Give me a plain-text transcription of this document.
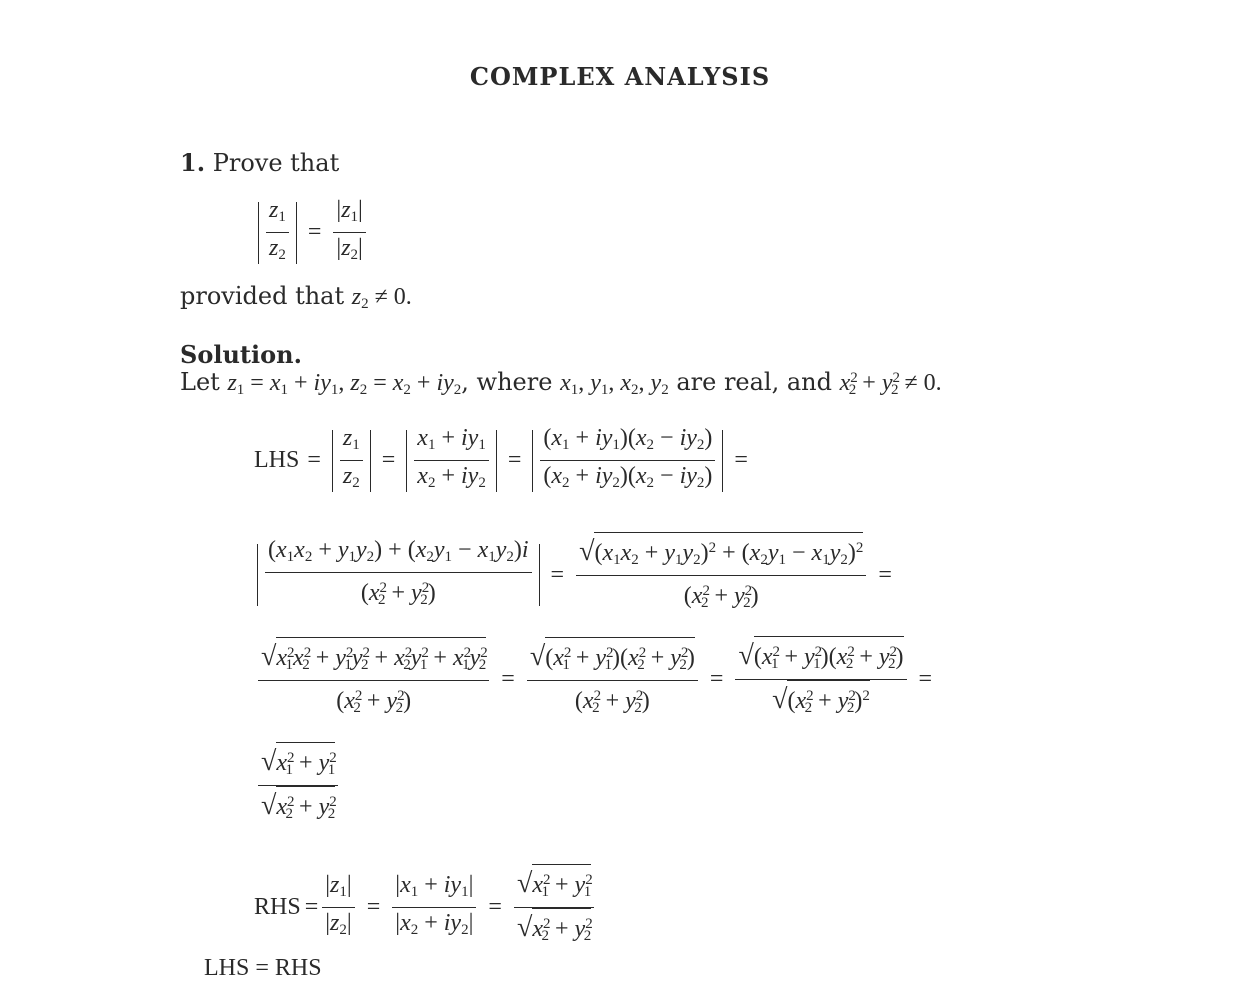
COMPLEX ANALYSIS
1. Prove that
$\frac{z_1}{z_2} = \frac{|z_1|}{|z_2|}$
provided that $z_2 \ne 0$.
Solution.
Let $z_1 = x_1 + iy_1$, $z_2 = x_2 + iy_2$, where $x_1$, $y_1$, $x_2$, $y_2$ are real, and $x^2_2 + y^2_2 \ne 0$.
LHS = $\frac{z_1}{z_2} = \frac{x_1 + iy_1}{x_2 + iy_2} = \frac{(x_1 + iy_1)(x_2 - iy_2)}{(x_2 + iy_2)(x_2 - iy_2)}$ =
$\frac{(x_1x_2 + y_1y_2) + (x_2y_1 - x_1y_2)i}{(x^2_2 + y^2_2)} = \frac{√(x_1x_2 + y_1y_2)^2 + (x_2y_1 - x_1y_2)^2}{(x^2_2 + y^2_2)}$ =
$\frac{√x^2_1x^2_2 + y^2_1y^2_2 + x^2_2y^2_1 + x^2_1y^2_2}{(x^2_2 + y^2_2)} = \frac{√(x^2_1 + y^2_1)(x^2_2 + y^2_2)}{(x^2_2 + y^2_2)} = \frac{√(x^2_1 + y^2_1)(x^2_2 + y^2_2)}{√(x^2_2 + y^2_2)^2}$ =
$\frac{√x^2_1 + y^2_1}{√x^2_2 + y^2_2}$
RHS = $\frac{|z_1|}{|z_2|} = \frac{|x_1 + iy_1|}{|x_2 + iy_2|} = \frac{√x^2_1 + y^2_1}{√x^2_2 + y^2_2}$
LHS = RHS
